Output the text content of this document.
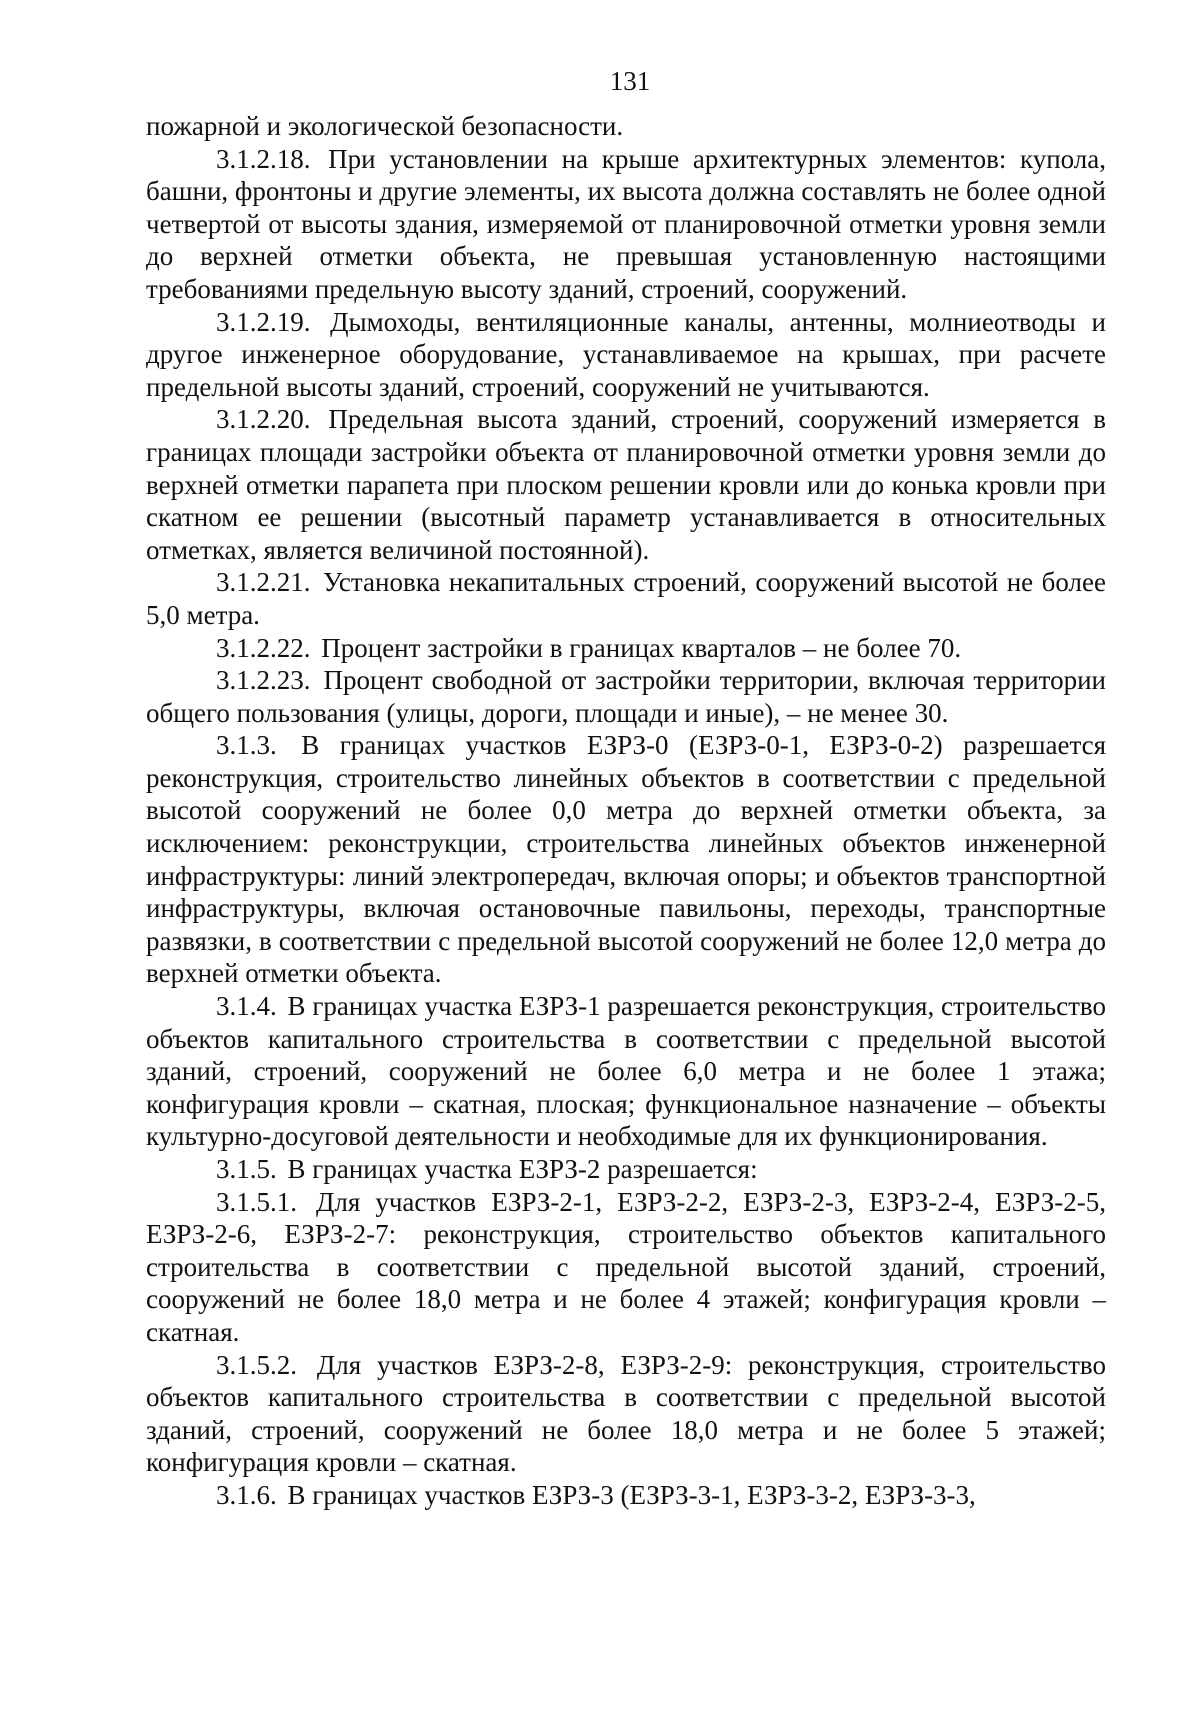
131

пожарной и экологической безопасности.

3.1.2.18. При установлении на крыше архитектурных элементов: купола, башни, фронтоны и другие элементы, их высота должна составлять не более одной четвертой от высоты здания, измеряемой от планировочной отметки уровня земли до верхней отметки объекта, не превышая установленную настоящими требованиями предельную высоту зданий, строений, сооружений.

3.1.2.19. Дымоходы, вентиляционные каналы, антенны, молниеотводы и другое инженерное оборудование, устанавливаемое на крышах, при расчете предельной высоты зданий, строений, сооружений не учитываются.

3.1.2.20. Предельная высота зданий, строений, сооружений измеряется в границах площади застройки объекта от планировочной отметки уровня земли до верхней отметки парапета при плоском решении кровли или до конька кровли при скатном ее решении (высотный параметр устанавливается в относительных отметках, является величиной постоянной).

3.1.2.21. Установка некапитальных строений, сооружений высотой не более 5,0 метра.

3.1.2.22. Процент застройки в границах кварталов – не более 70.

3.1.2.23. Процент свободной от застройки территории, включая территории общего пользования (улицы, дороги, площади и иные), – не менее 30.

3.1.3. В границах участков ЕЗРЗ-0 (ЕЗРЗ-0-1, ЕЗРЗ-0-2) разрешается реконструкция, строительство линейных объектов в соответствии с предельной высотой сооружений не более 0,0 метра до верхней отметки объекта, за исключением: реконструкции, строительства линейных объектов инженерной инфраструктуры: линий электропередач, включая опоры; и объектов транспортной инфраструктуры, включая остановочные павильоны, переходы, транспортные развязки, в соответствии с предельной высотой сооружений не более 12,0 метра до верхней отметки объекта.

3.1.4. В границах участка ЕЗРЗ-1 разрешается реконструкция, строительство объектов капитального строительства в соответствии с предельной высотой зданий, строений, сооружений не более 6,0 метра и не более 1 этажа; конфигурация кровли – скатная, плоская; функциональное назначение – объекты культурно-досуговой деятельности и необходимые для их функционирования.

3.1.5. В границах участка ЕЗРЗ-2 разрешается:

3.1.5.1. Для участков ЕЗРЗ-2-1, ЕЗРЗ-2-2, ЕЗРЗ-2-3, ЕЗРЗ-2-4, ЕЗРЗ-2-5, ЕЗРЗ-2-6, ЕЗРЗ-2-7: реконструкция, строительство объектов капитального строительства в соответствии с предельной высотой зданий, строений, сооружений не более 18,0 метра и не более 4 этажей; конфигурация кровли – скатная.

3.1.5.2. Для участков ЕЗРЗ-2-8, ЕЗРЗ-2-9: реконструкция, строительство объектов капитального строительства в соответствии с предельной высотой зданий, строений, сооружений не более 18,0 метра и не более 5 этажей; конфигурация кровли – скатная.

3.1.6. В границах участков ЕЗРЗ-3 (ЕЗРЗ-3-1, ЕЗРЗ-3-2, ЕЗРЗ-3-3,
